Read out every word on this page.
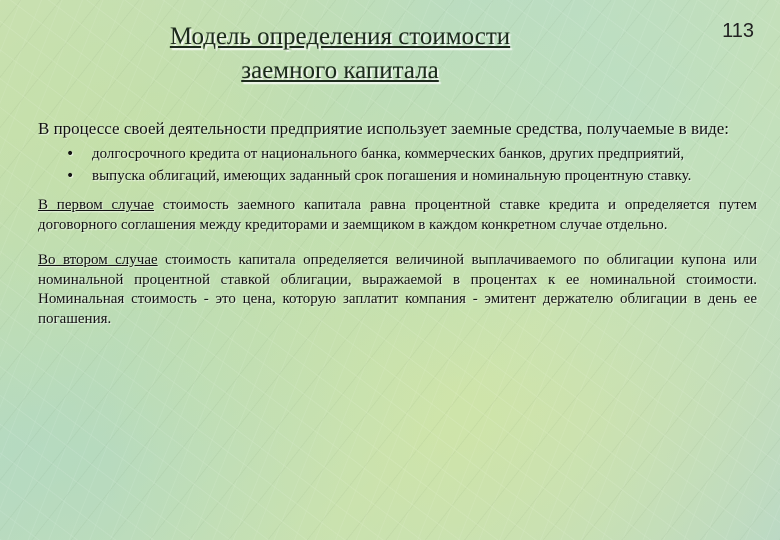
Модель определения стоимости
заемного капитала
113

В процессе своей деятельности предприятие использует заемные средства, получаемые в виде:

• долгосрочного кредита от национального банка, коммерческих банков, других предприятий,
• выпуска облигаций, имеющих заданный срок погашения и номинальную процентную ставку.

В первом случае стоимость заемного капитала равна процентной ставке кредита и определяется путем договорного соглашения между кредиторами и заемщиком в каждом конкретном случае отдельно.

Во втором случае стоимость капитала определяется величиной выплачиваемого по облигации купона или номинальной процентной ставкой облигации, выражаемой в процентах к ее номинальной стоимости. Номинальная стоимость - это цена, которую заплатит компания - эмитент держателю облигации в день ее погашения.
